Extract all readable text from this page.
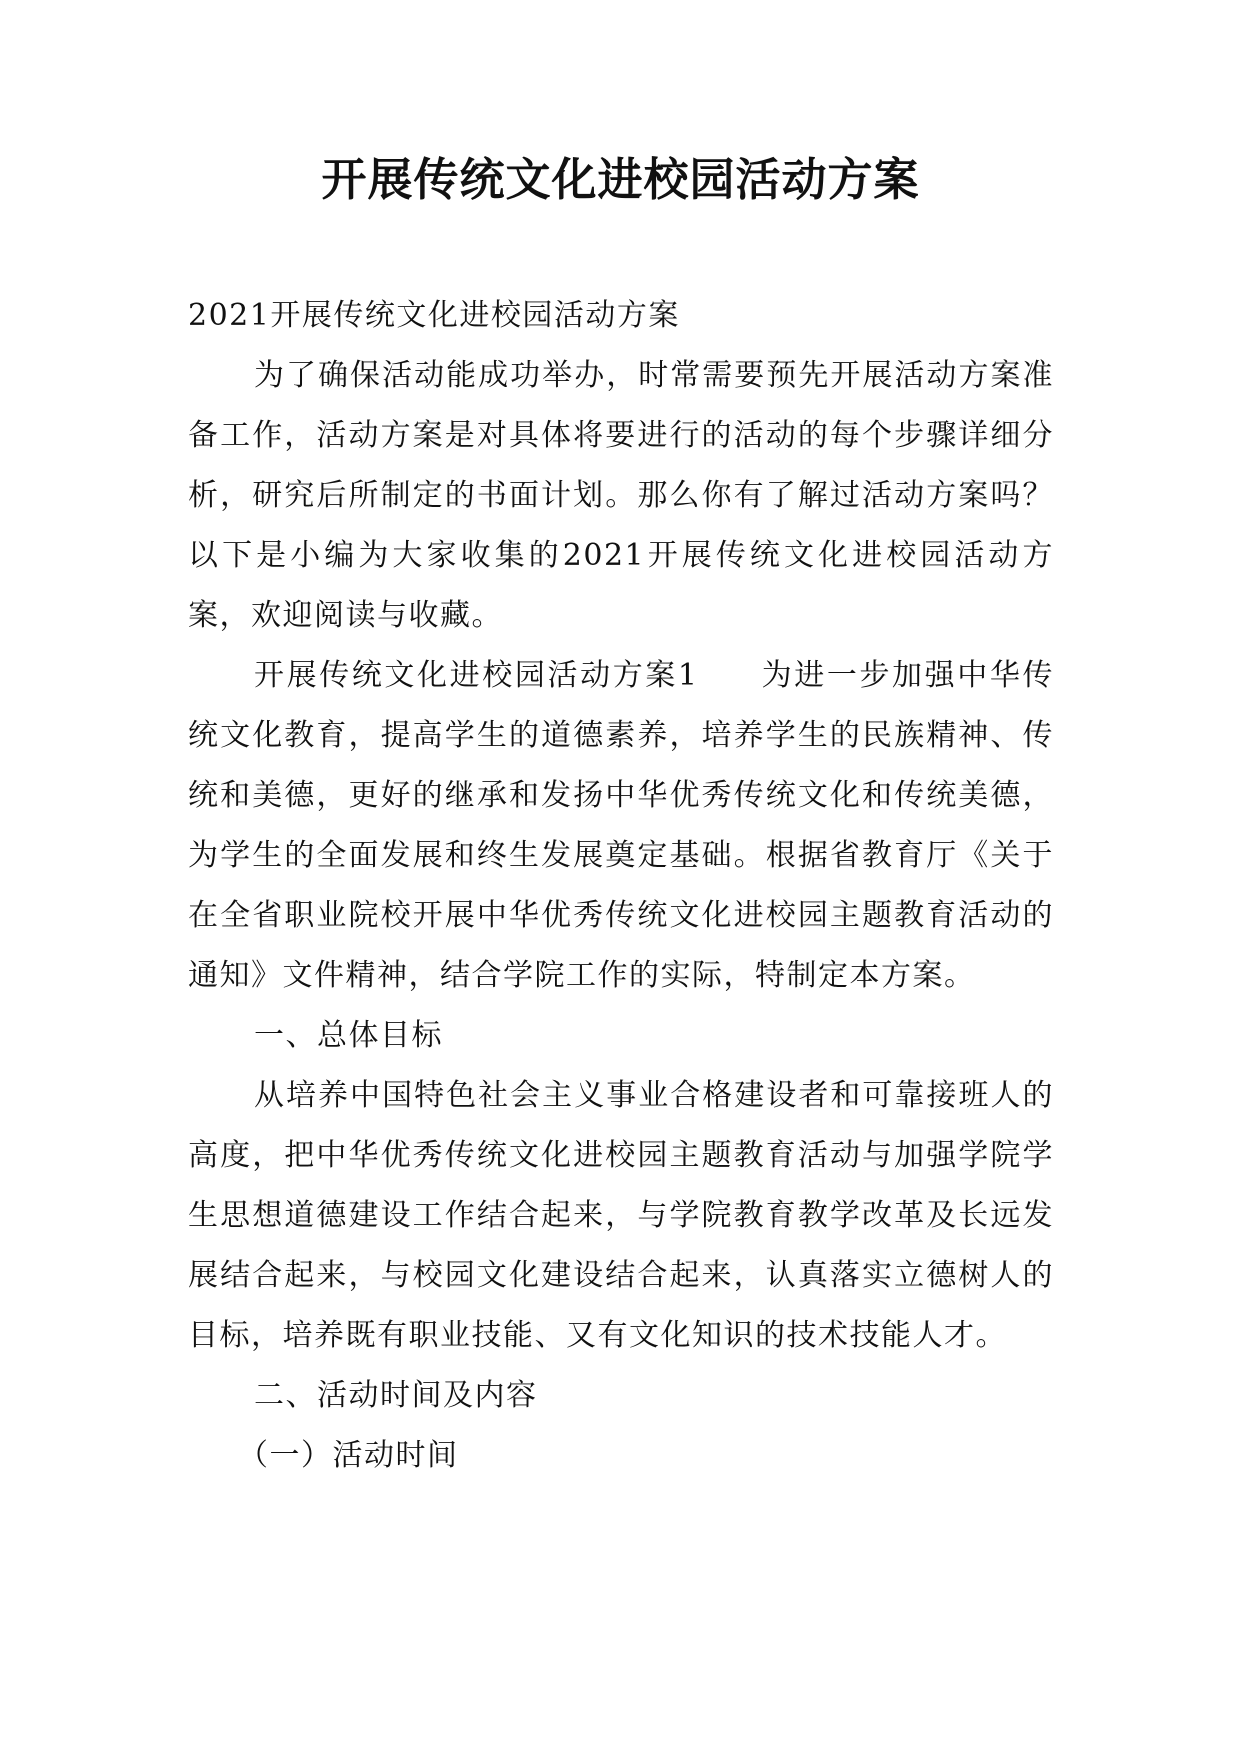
开展传统文化进校园活动方案

2021开展传统文化进校园活动方案

为了确保活动能成功举办，时常需要预先开展活动方案准备工作，活动方案是对具体将要进行的活动的每个步骤详细分析，研究后所制定的书面计划。那么你有了解过活动方案吗？以下是小编为大家收集的2021开展传统文化进校园活动方案，欢迎阅读与收藏。

开展传统文化进校园活动方案1 为进一步加强中华传统文化教育，提高学生的道德素养，培养学生的民族精神、传统和美德，更好的继承和发扬中华优秀传统文化和传统美德，为学生的全面发展和终生发展奠定基础。根据省教育厅《关于在全省职业院校开展中华优秀传统文化进校园主题教育活动的通知》文件精神，结合学院工作的实际，特制定本方案。

一、总体目标

从培养中国特色社会主义事业合格建设者和可靠接班人的高度，把中华优秀传统文化进校园主题教育活动与加强学院学生思想道德建设工作结合起来，与学院教育教学改革及长远发展结合起来，与校园文化建设结合起来，认真落实立德树人的目标，培养既有职业技能、又有文化知识的技术技能人才。

二、活动时间及内容

（一）活动时间
